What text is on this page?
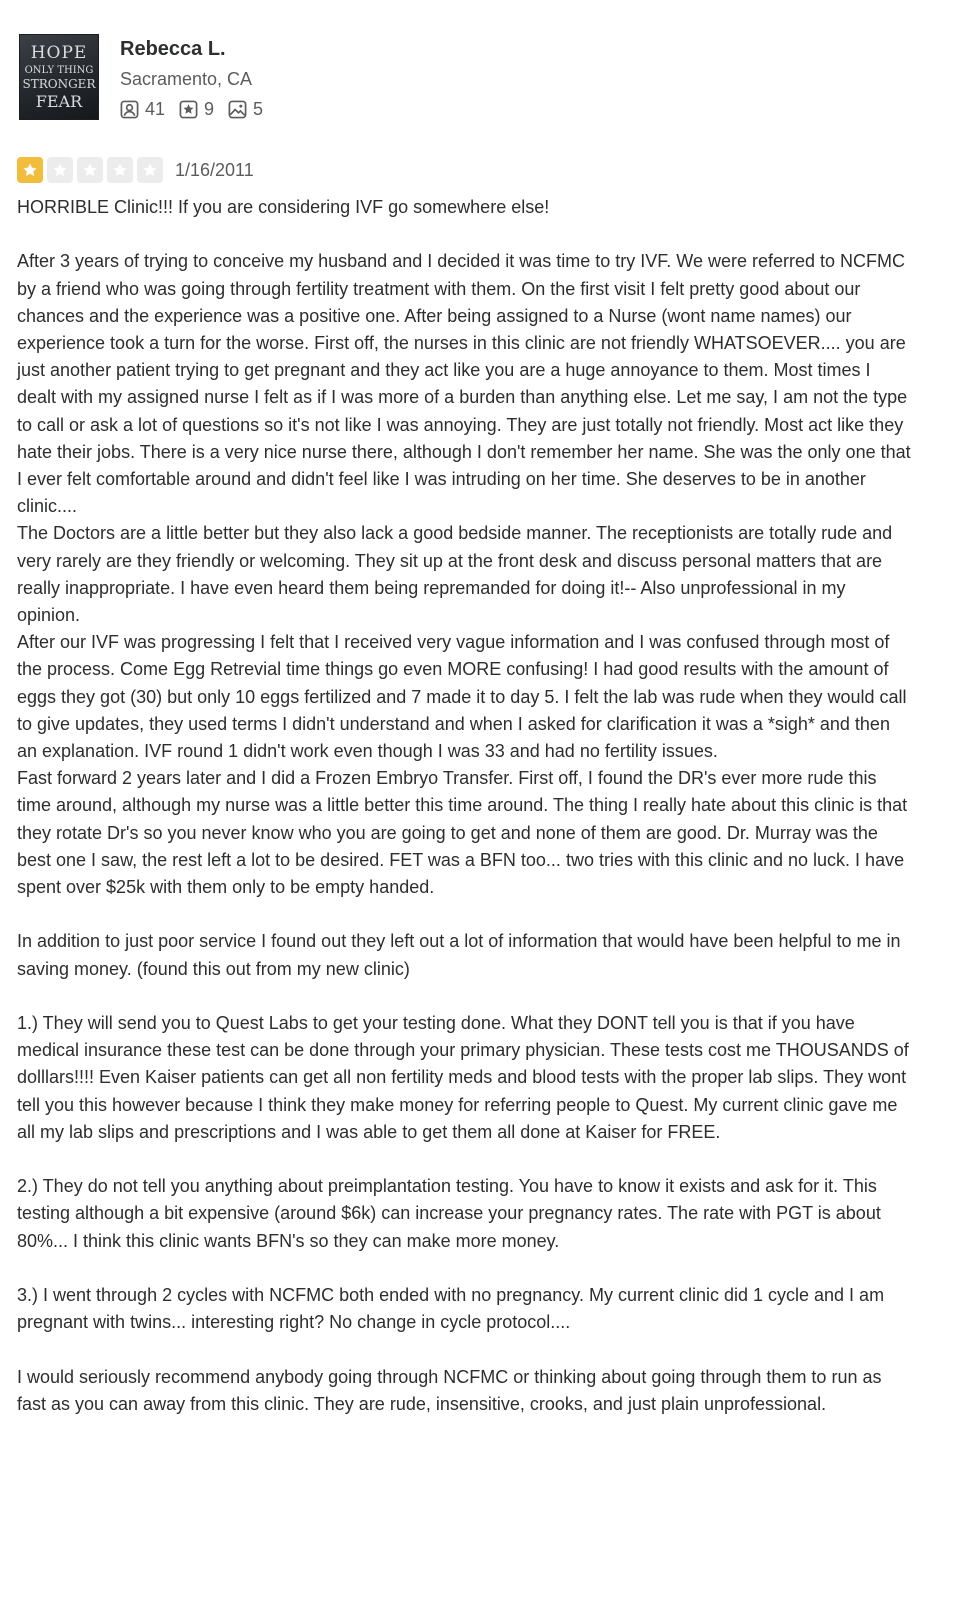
HOPE
ONLY THING
STRONGER
FEAR
Rebecca L.
Sacramento, CA
41 9 5
1/16/2011

HORRIBLE Clinic!!! If you are considering IVF go somewhere else!

After 3 years of trying to conceive my husband and I decided it was time to try IVF. We were referred to NCFMC by a friend who was going through fertility treatment with them. On the first visit I felt pretty good about our chances and the experience was a positive one. After being assigned to a Nurse (wont name names) our experience took a turn for the worse. First off, the nurses in this clinic are not friendly WHATSOEVER.... you are just another patient trying to get pregnant and they act like you are a huge annoyance to them. Most times I dealt with my assigned nurse I felt as if I was more of a burden than anything else. Let me say, I am not the type to call or ask a lot of questions so it's not like I was annoying. They are just totally not friendly. Most act like they hate their jobs. There is a very nice nurse there, although I don't remember her name. She was the only one that I ever felt comfortable around and didn't feel like I was intruding on her time. She deserves to be in another clinic....
The Doctors are a little better but they also lack a good bedside manner. The receptionists are totally rude and very rarely are they friendly or welcoming. They sit up at the front desk and discuss personal matters that are really inappropriate. I have even heard them being repremanded for doing it!-- Also unprofessional in my opinion.
After our IVF was progressing I felt that I received very vague information and I was confused through most of the process. Come Egg Retrevial time things go even MORE confusing! I had good results with the amount of eggs they got (30) but only 10 eggs fertilized and 7 made it to day 5. I felt the lab was rude when they would call to give updates, they used terms I didn't understand and when I asked for clarification it was a *sigh* and then an explanation. IVF round 1 didn't work even though I was 33 and had no fertility issues.
Fast forward 2 years later and I did a Frozen Embryo Transfer. First off, I found the DR's ever more rude this time around, although my nurse was a little better this time around. The thing I really hate about this clinic is that they rotate Dr's so you never know who you are going to get and none of them are good. Dr. Murray was the best one I saw, the rest left a lot to be desired. FET was a BFN too... two tries with this clinic and no luck. I have spent over $25k with them only to be empty handed.

In addition to just poor service I found out they left out a lot of information that would have been helpful to me in saving money. (found this out from my new clinic)

1.) They will send you to Quest Labs to get your testing done. What they DONT tell you is that if you have medical insurance these test can be done through your primary physician. These tests cost me THOUSANDS of dolllars!!!! Even Kaiser patients can get all non fertility meds and blood tests with the proper lab slips. They wont tell you this however because I think they make money for referring people to Quest. My current clinic gave me all my lab slips and prescriptions and I was able to get them all done at Kaiser for FREE.

2.) They do not tell you anything about preimplantation testing. You have to know it exists and ask for it. This testing although a bit expensive (around $6k) can increase your pregnancy rates. The rate with PGT is about 80%... I think this clinic wants BFN's so they can make more money.

3.) I went through 2 cycles with NCFMC both ended with no pregnancy. My current clinic did 1 cycle and I am pregnant with twins... interesting right? No change in cycle protocol....

I would seriously recommend anybody going through NCFMC or thinking about going through them to run as fast as you can away from this clinic. They are rude, insensitive, crooks, and just plain unprofessional.
